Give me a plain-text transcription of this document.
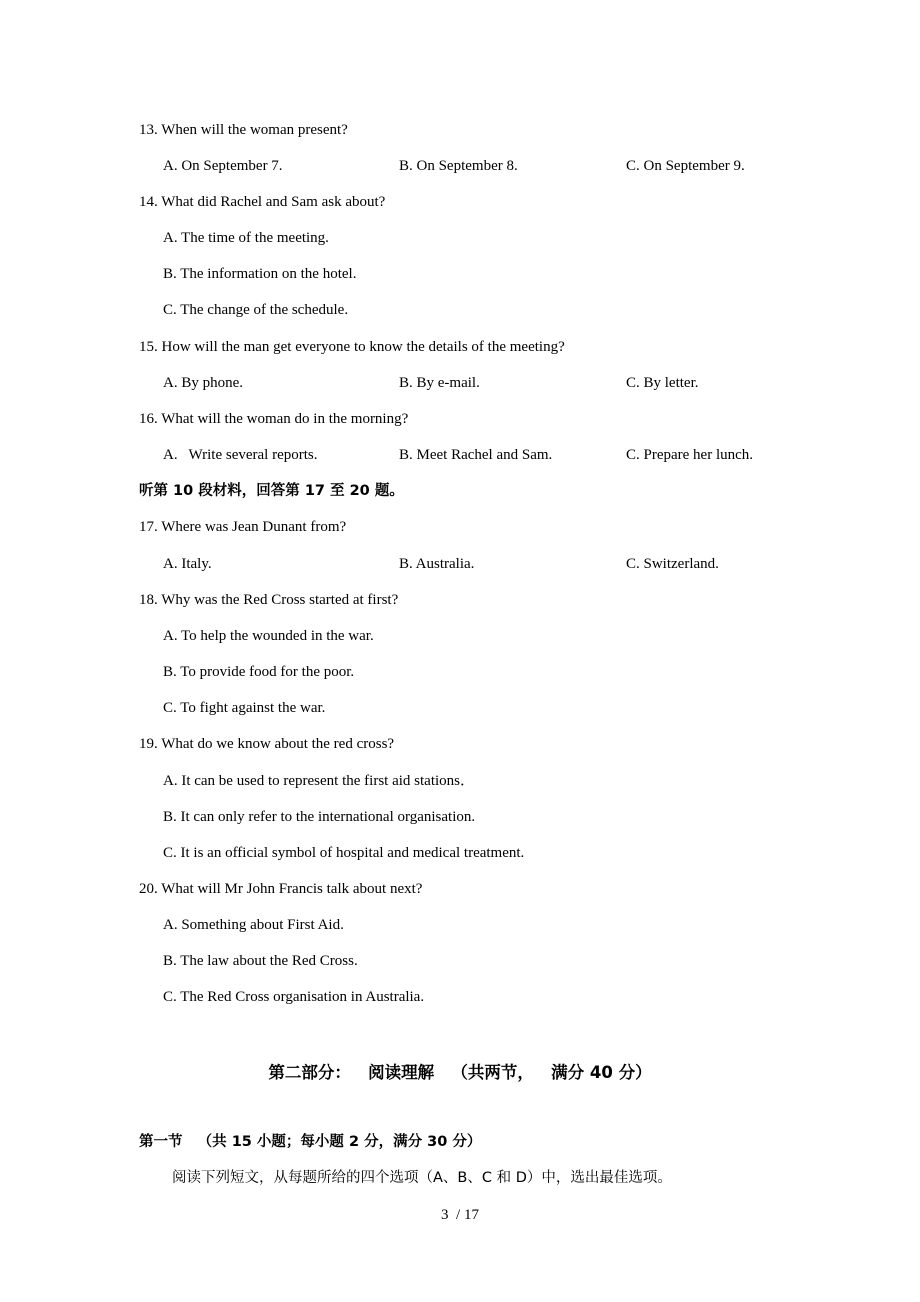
13. When will the woman present?
A. On September 7.	B. On September 8.	C. On September 9.
14. What did Rachel and Sam ask about?
A. The time of the meeting.
B. The information on the hotel.
C. The change of the schedule.
15. How will the man get everyone to know the details of the meeting?
A. By phone.	B. By e-mail.	C. By letter.
16. What will the woman do in the morning?
A.   Write several reports.	B. Meet Rachel and Sam.	C. Prepare her lunch.
听第 10 段材料，回答第 17 至 20 题。
17. Where was Jean Dunant from?
A. Italy.	B. Australia.	C. Switzerland.
18. Why was the Red Cross started at first?
A. To help the wounded in the war.
B. To provide food for the poor.
C. To fight against the war.
19. What do we know about the red cross?
A. It can be used to represent the first aid stations．
B. It can only refer to the international organisation.
C. It is an official symbol of hospital and medical treatment.
20. What will Mr John Francis talk about next?
A. Something about First Aid.
B. The law about the Red Cross.
C. The Red Cross organisation in Australia.
第二部分：   阅读理解   （共两节，   满分 40 分）
第一节   （共 15 小题；每小题 2 分，满分 30 分）
阅读下列短文，从每题所给的四个选项（A、B、C 和 D）中，选出最佳选项。
3  / 17
